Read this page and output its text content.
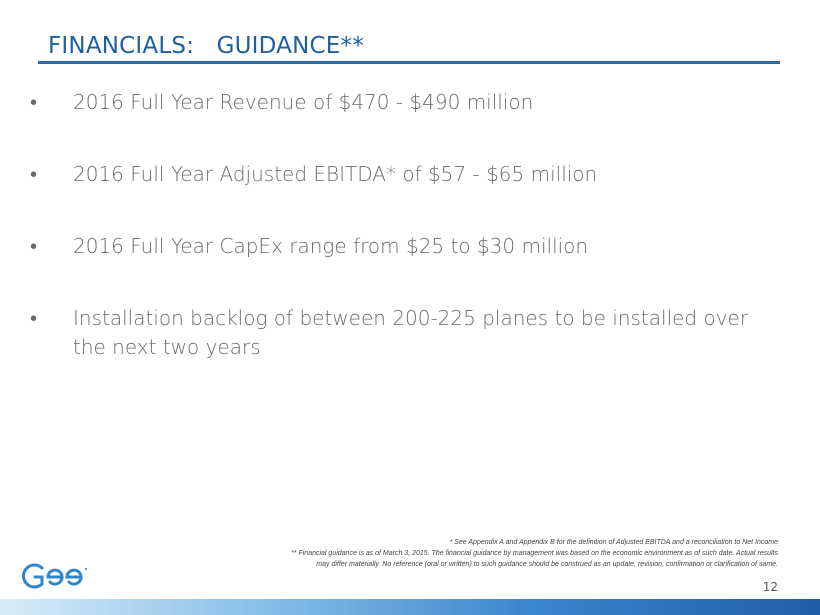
FINANCIALS:   GUIDANCE**
• 2016 Full Year Revenue of $470 - $490 million
• 2016 Full Year Adjusted EBITDA* of $57 - $65 million
• 2016 Full Year CapEx range from $25 to $30 million
• Installation backlog of between 200-225 planes to be installed over the next two years
* See Appendix A and Appendix B for the definition of Adjusted EBITDA and a reconciliation to Net Income
** Financial guidance is as of March 3, 2015. The financial guidance by management was based on the economic environment as of such date. Actual results
may differ materially. No reference (oral or written) to such guidance should be construed as an update, revision, confirmation or clarification of same.
12
